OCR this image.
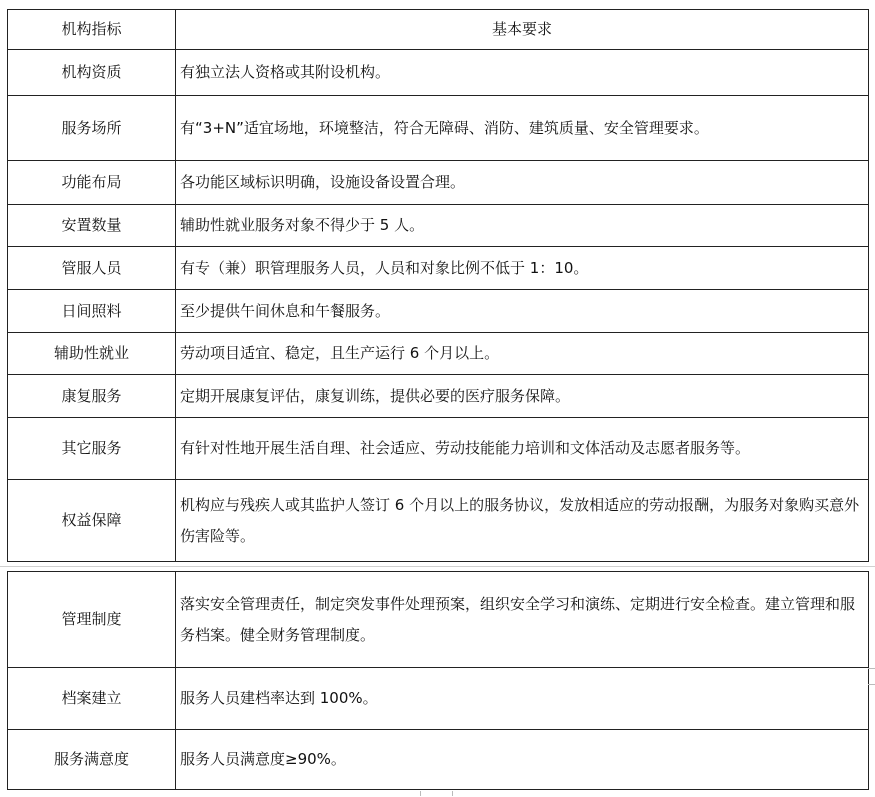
机构指标	基本要求
机构资质	有独立法人资格或其附设机构。
服务场所	有“3+N”适宜场地，环境整洁，符合无障碍、消防、建筑质量、安全管理要求。
功能布局	各功能区域标识明确，设施设备设置合理。
安置数量	辅助性就业服务对象不得少于 5 人。
管服人员	有专（兼）职管理服务人员，人员和对象比例不低于 1：10。
日间照料	至少提供午间休息和午餐服务。
辅助性就业	劳动项目适宜、稳定，且生产运行 6 个月以上。
康复服务	定期开展康复评估，康复训练，提供必要的医疗服务保障。
其它服务	有针对性地开展生活自理、社会适应、劳动技能能力培训和文体活动及志愿者服务等。
权益保障	机构应与残疾人或其监护人签订 6 个月以上的服务协议，发放相适应的劳动报酬，为服务对象购买意外伤害险等。
管理制度	落实安全管理责任，制定突发事件处理预案，组织安全学习和演练、定期进行安全检查。建立管理和服务档案。健全财务管理制度。
档案建立	服务人员建档率达到 100%。
服务满意度	服务人员满意度≥90%。
